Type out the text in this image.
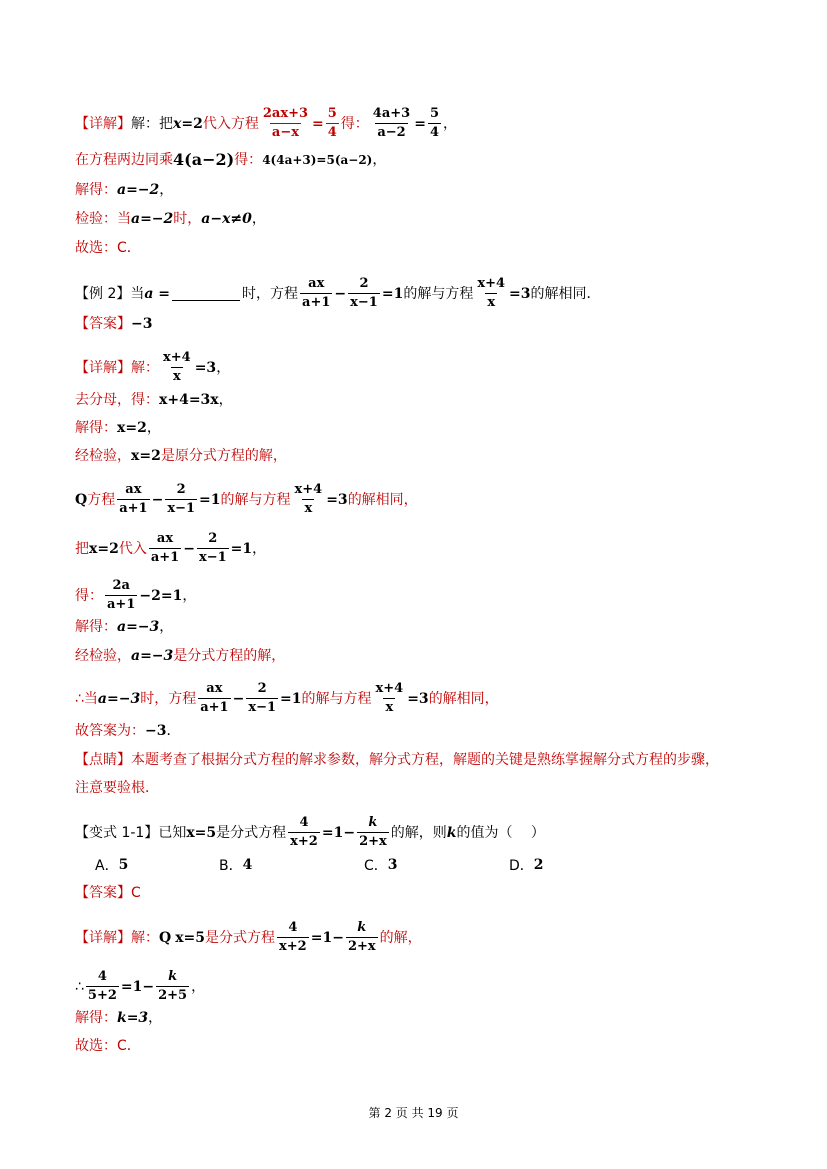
【详解】 解：把 x =2 代入方程 $\frac{2ax+3}{a-x} = \frac{5}{4}$ 得： $\frac{4a+3}{a-2} = \frac{5}{4}$ ，
在方程两边同乘 4(a−2) 得： 4(4a+3)=5(a−2) ，
解得： a=−2 ，
检验：当 a=−2 时， a−x≠0 ，
故选：C．
【例 2】当 a =	时，方程 $\frac{ax}{a+1} - \frac{2}{x-1} =1$ 的解与方程 $\frac{x+4}{x} =3$ 的解相同．
【答案】 −3
【详解】 解： $\frac{x+4}{x} =3$ ，
去分母，得： x+4=3x ，
解得： x=2 ，
经检验， x=2 是原分式方程的解，
Q 方程 $\frac{ax}{a+1} - \frac{2}{x-1} =1$ 的解与方程 $\frac{x+4}{x} =3$ 的解相同，
把 x=2 代入 $\frac{ax}{a+1} - \frac{2}{x-1} =1$ ，
得： $\frac{2a}{a+1} -2=1$ ，
解得： a=−3 ，
经检验， a=−3 是分式方程的解，
∴当 a=−3 时，方程 $\frac{ax}{a+1} - \frac{2}{x-1} =1$ 的解与方程 $\frac{x+4}{x} =3$ 的解相同，
故答案为： −3 ．
【点睛】 本题考查了根据分式方程的解求参数，解分式方程，解题的关键是熟练掌握解分式方程的步骤，
注意要验根．
【变式 1-1】已知 x=5 是分式方程 $\frac{4}{x+2} =1- \frac{k}{2+x}$ 的解，则 k 的值为（　 ）
A． 5	B． 4	C． 3	D． 2
【答案】 C
【详解】 解： Q x=5 是分式方程 $\frac{4}{x+2} =1- \frac{k}{2+x}$ 的解，
∴ $\frac{4}{5+2} =1- \frac{k}{2+5}$ ，
解得： k=3 ，
故选：C．
第 2 页 共 19 页
